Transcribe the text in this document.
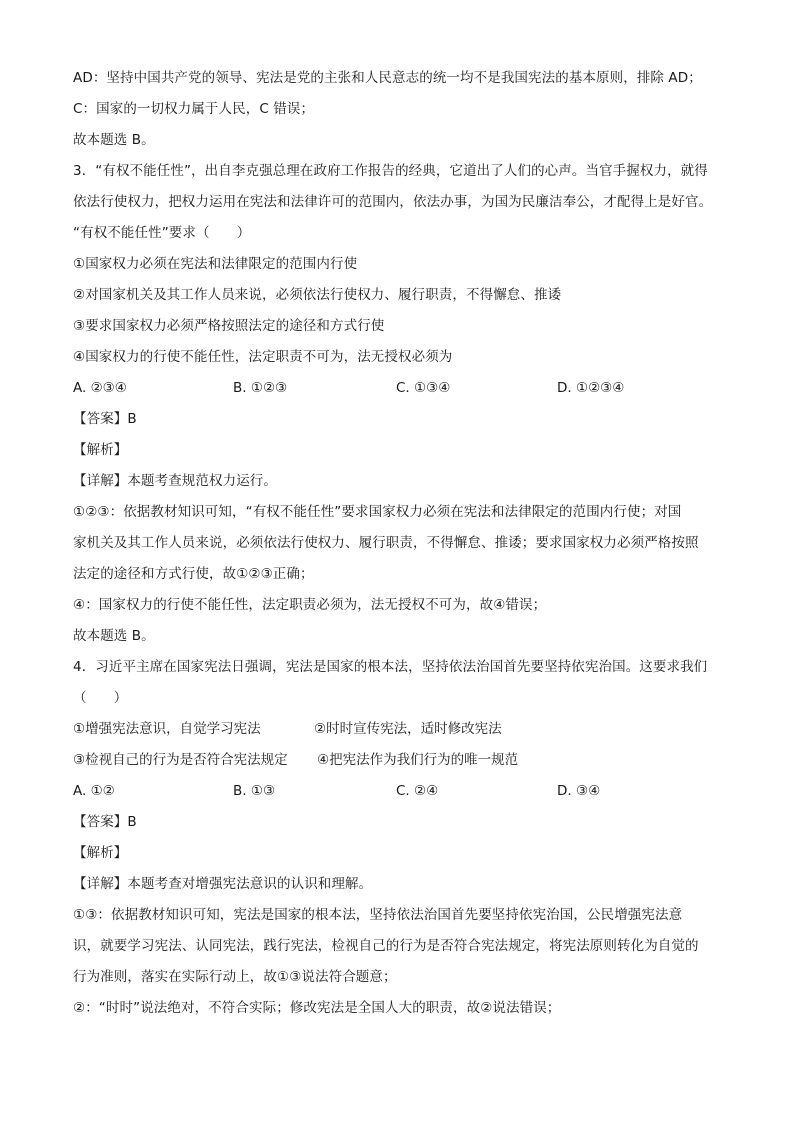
AD：坚持中国共产党的领导、宪法是党的主张和人民意志的统一均不是我国宪法的基本原则，排除 AD；
C：国家的一切权力属于人民，C 错误；
故本题选 B。
3．“有权不能任性”，出自李克强总理在政府工作报告的经典，它道出了人们的心声。当官手握权力，就得
依法行使权力，把权力运用在宪法和法律许可的范围内，依法办事，为国为民廉洁奉公，才配得上是好官。
“有权不能任性”要求（　　）
①国家权力必须在宪法和法律限定的范围内行使
②对国家机关及其工作人员来说，必须依法行使权力、履行职责，不得懈怠、推诿
③要求国家权力必须严格按照法定的途径和方式行使
④国家权力的行使不能任性，法定职责不可为，法无授权必须为
A. ②③④	B. ①②③	C. ①③④	D. ①②③④
【答案】B
【解析】
【详解】本题考查规范权力运行。
①②③：依据教材知识可知，“有权不能任性”要求国家权力必须在宪法和法律限定的范围内行使；对国
家机关及其工作人员来说，必须依法行使权力、履行职责，不得懈怠、推诿；要求国家权力必须严格按照
法定的途径和方式行使，故①②③正确；
④：国家权力的行使不能任性，法定职责必须为，法无授权不可为，故④错误；
故本题选 B。
4．习近平主席在国家宪法日强调，宪法是国家的根本法，坚持依法治国首先要坚持依宪治国。这要求我们
（　　）
①增强宪法意识，自觉学习宪法	②时时宣传宪法，适时修改宪法
③检视自己的行为是否符合宪法规定 ④把宪法作为我们行为的唯一规范
A. ①②	B. ①③	C. ②④	D. ③④
【答案】B
【解析】
【详解】本题考查对增强宪法意识的认识和理解。
①③：依据教材知识可知，宪法是国家的根本法，坚持依法治国首先要坚持依宪治国，公民增强宪法意
识，就要学习宪法、认同宪法，践行宪法，检视自己的行为是否符合宪法规定，将宪法原则转化为自觉的
行为准则，落实在实际行动上，故①③说法符合题意；
②：“时时”说法绝对，不符合实际；修改宪法是全国人大的职责，故②说法错误；
